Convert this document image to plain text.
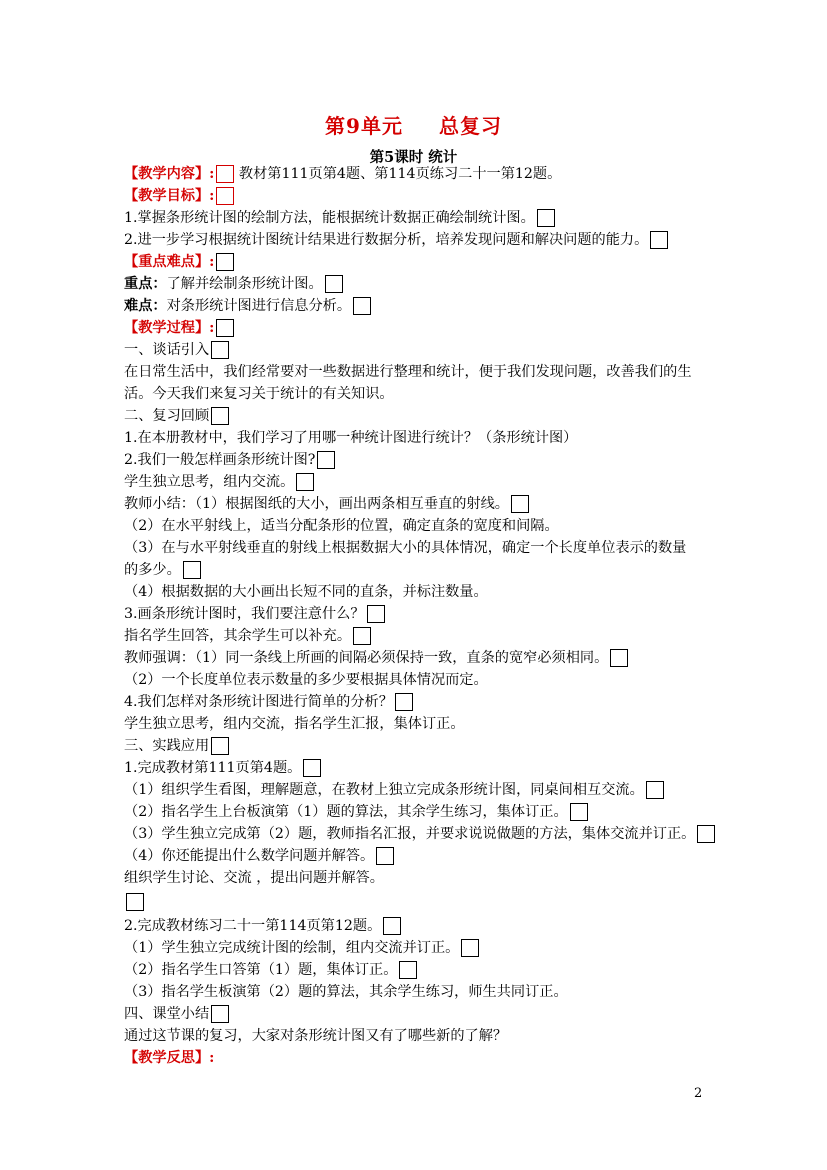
第9单元 总复习
第5课时 统计
【教学内容】: 教材第111页第4题、第114页练习二十一第12题。
【教学目标】:
1.掌握条形统计图的绘制方法，能根据统计数据正确绘制统计图。
2.进一步学习根据统计图统计结果进行数据分析，培养发现问题和解决问题的能力。
【重点难点】:
重点：了解并绘制条形统计图。
难点：对条形统计图进行信息分析。
【教学过程】:
一、谈话引入
在日常生活中，我们经常要对一些数据进行整理和统计，便于我们发现问题，改善我们的生
活。今天我们来复习关于统计的有关知识。
二、复习回顾
1.在本册教材中，我们学习了用哪一种统计图进行统计？（条形统计图）
2.我们一般怎样画条形统计图?
学生独立思考，组内交流。
教师小结：（1）根据图纸的大小，画出两条相互垂直的射线。
（2）在水平射线上，适当分配条形的位置，确定直条的宽度和间隔。
（3）在与水平射线垂直的射线上根据数据大小的具体情况，确定一个长度单位表示的数量
的多少。
（4）根据数据的大小画出长短不同的直条，并标注数量。
3.画条形统计图时，我们要注意什么？
指名学生回答，其余学生可以补充。
教师强调：（1）同一条线上所画的间隔必须保持一致，直条的宽窄必须相同。
（2）一个长度单位表示数量的多少要根据具体情况而定。
4.我们怎样对条形统计图进行简单的分析？
学生独立思考，组内交流，指名学生汇报，集体订正。
三、实践应用
1.完成教材第111页第4题。
（1）组织学生看图，理解题意，在教材上独立完成条形统计图，同桌间相互交流。
（2）指名学生上台板演第（1）题的算法，其余学生练习，集体订正。
（3）学生独立完成第（2）题，教师指名汇报，并要求说说做题的方法，集体交流并订正。
（4）你还能提出什么数学问题并解答。
组织学生讨论、交流 ，提出问题并解答。
2.完成教材练习二十一第114页第12题。
（1）学生独立完成统计图的绘制，组内交流并订正。
（2）指名学生口答第（1）题，集体订正。
（3）指名学生板演第（2）题的算法，其余学生练习，师生共同订正。
四、课堂小结
通过这节课的复习，大家对条形统计图又有了哪些新的了解？
【教学反思】:
2
